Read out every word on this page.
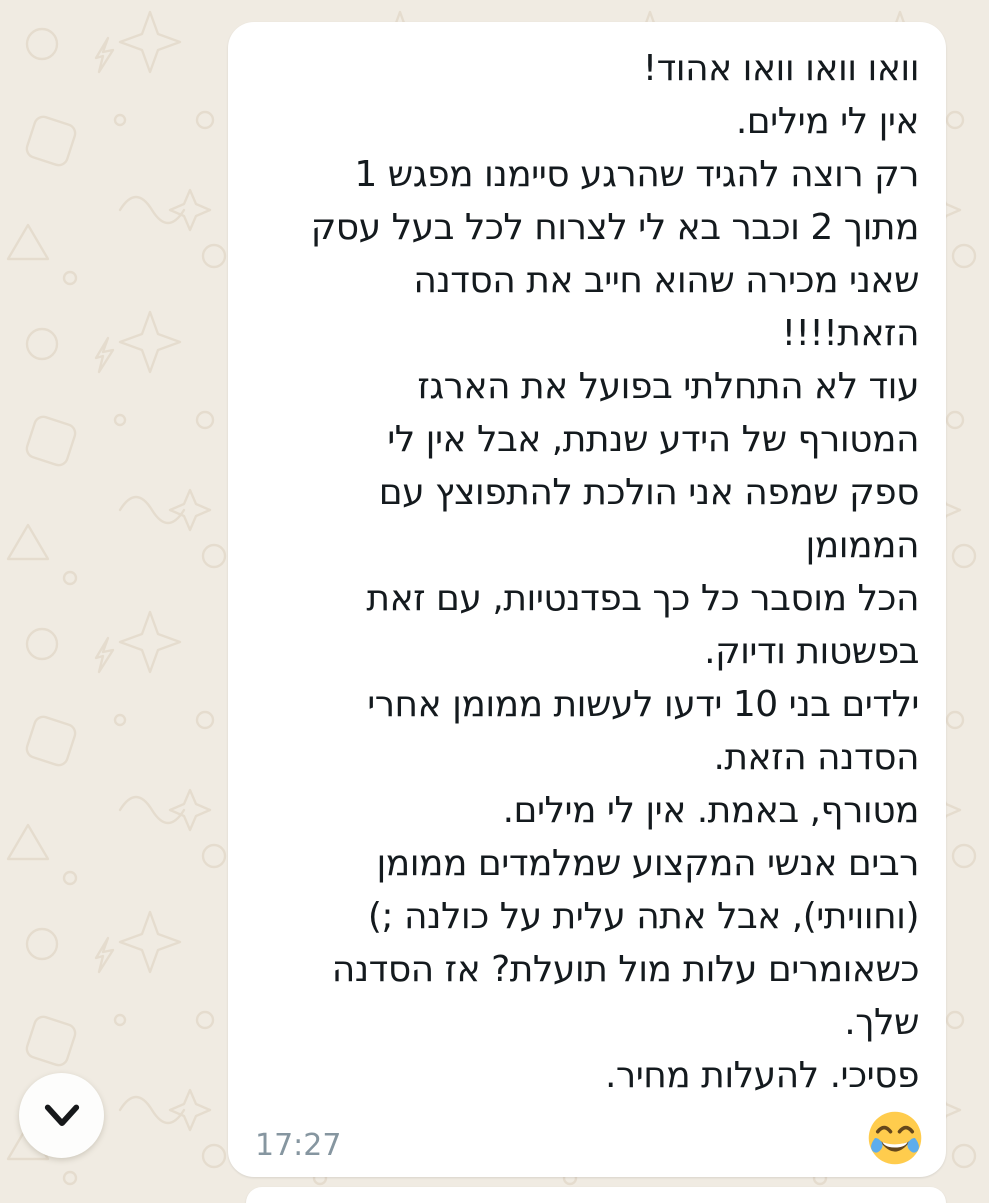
וואו וואו וואו אהוד!
אין לי מילים.
רק רוצה להגיד שהרגע סיימנו מפגש 1
מתוך 2 וכבר בא לי לצרוח לכל בעל עסק
שאני מכירה שהוא חייב את הסדנה
הזאת!!!!
עוד לא התחלתי בפועל את הארגז
המטורף של הידע שנתת, אבל אין לי
ספק שמפה אני הולכת להתפוצץ עם
הממומן
הכל מוסבר כל כך בפדנטיות, עם זאת
בפשטות ודיוק.
ילדים בני 10 ידעו לעשות ממומן אחרי
הסדנה הזאת.
מטורף, באמת. אין לי מילים.
רבים אנשי המקצוע שמלמדים ממומן
(וחוויתי), אבל אתה עלית על כולנה ;)
כשאומרים עלות מול תועלת? אז הסדנה
שלך.
פסיכי. להעלות מחיר.
17:27
